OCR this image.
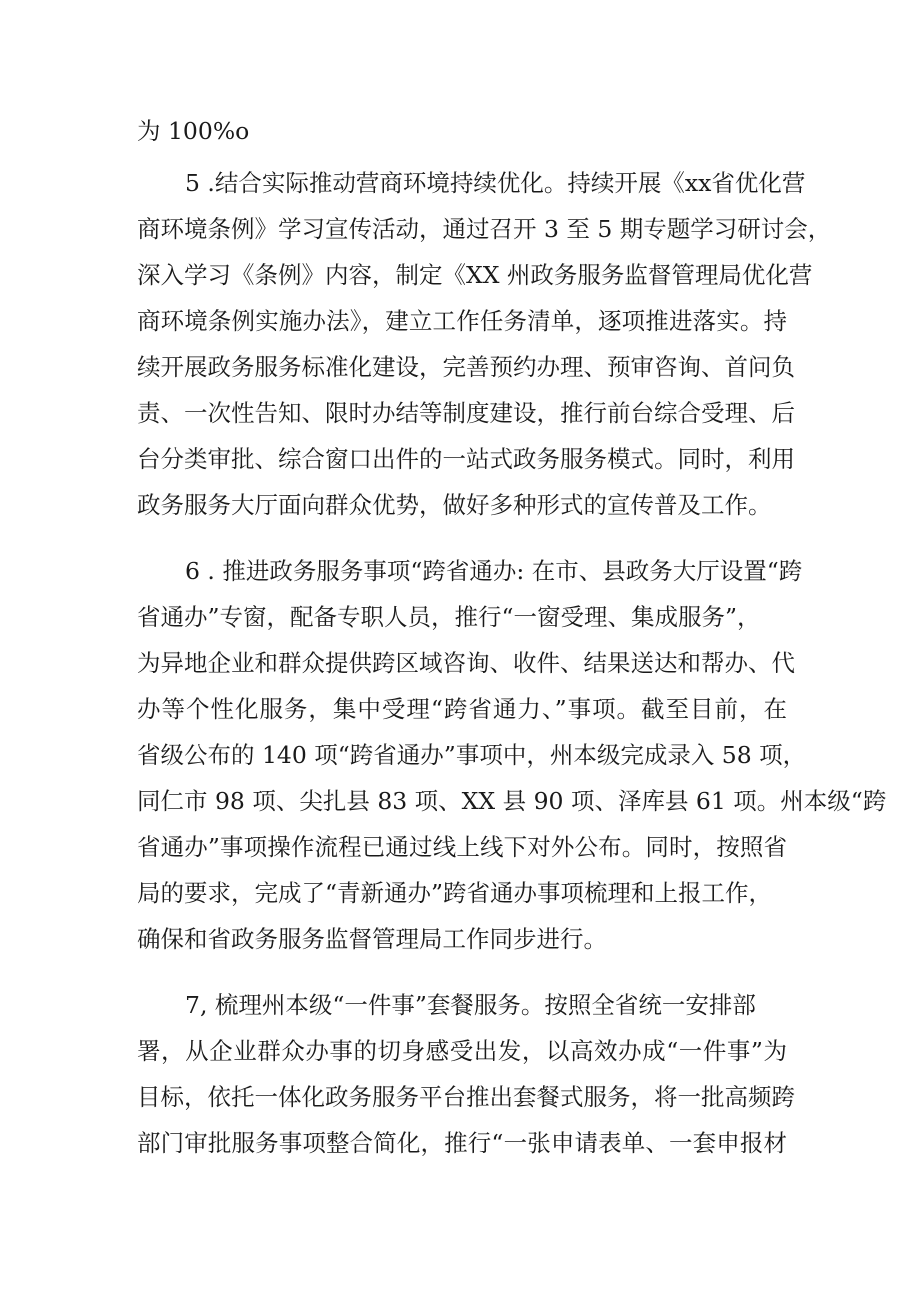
为 100%o
5 .结合实际推动营商环境持续优化。持续开展《xx省优化营
商环境条例》学习宣传活动，通过召开 3 至 5 期专题学习研讨会，
深入学习《条例》内容，制定《XX 州政务服务监督管理局优化营
商环境条例实施办法》，建立工作任务清单，逐项推进落实。持
续开展政务服务标准化建设，完善预约办理、预审咨询、首问负
责、一次性告知、限时办结等制度建设，推行前台综合受理、后
台分类审批、综合窗口出件的一站式政务服务模式。同时，利用
政务服务大厅面向群众优势，做好多种形式的宣传普及工作。
6 . 推进政务服务事项“跨省通办: 在市、县政务大厅设置“跨
省通办”专窗，配备专职人员，推行“一窗受理、集成服务”，
为异地企业和群众提供跨区域咨询、收件、结果送达和帮办、代
办等个性化服务，集中受理“跨省通力、”事项。截至目前，在
省级公布的 140 项“跨省通办”事项中，州本级完成录入 58 项，
同仁市 98 项、尖扎县 83 项、XX 县 90 项、泽库县 61 项。州本级“跨
省通办”事项操作流程已通过线上线下对外公布。同时，按照省
局的要求，完成了“青新通办”跨省通办事项梳理和上报工作，
确保和省政务服务监督管理局工作同步进行。
7, 梳理州本级“一件事”套餐服务。按照全省统一安排部
署，从企业群众办事的切身感受出发，以高效办成“一件事”为
目标，依托一体化政务服务平台推出套餐式服务，将一批高频跨
部门审批服务事项整合简化，推行“一张申请表单、一套申报材
